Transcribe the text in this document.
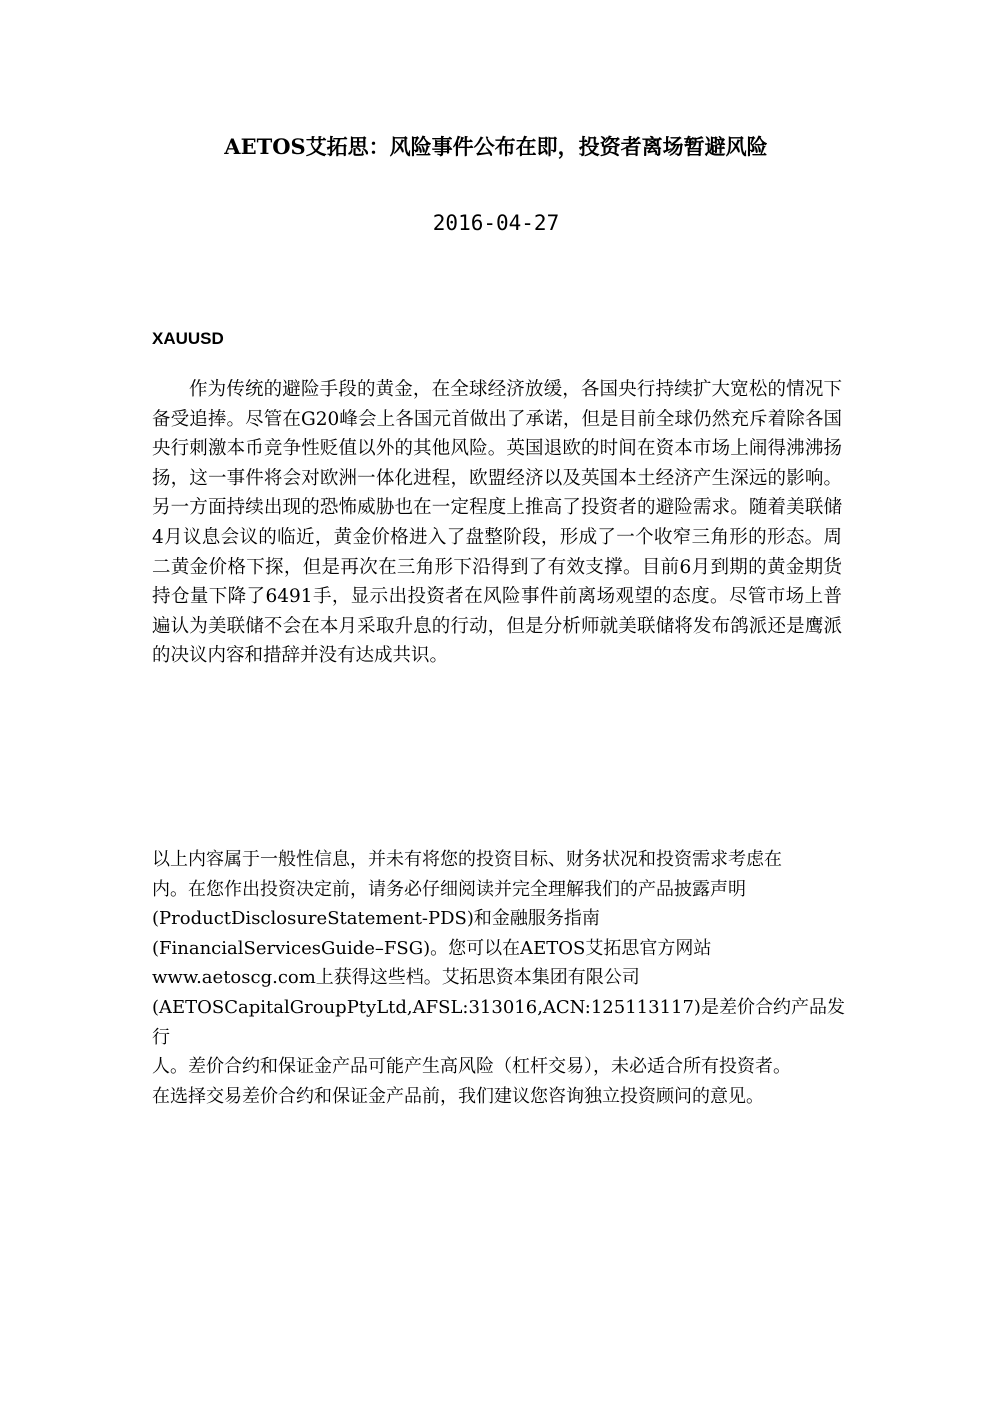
AETOS艾拓思：风险事件公布在即，投资者离场暂避风险
2016-04-27
XAUUSD

作为传统的避险手段的黄金，在全球经济放缓，各国央行持续扩大宽松的情况下备受追捧。尽管在G20峰会上各国元首做出了承诺，但是目前全球仍然充斥着除各国央行刺激本币竞争性贬值以外的其他风险。英国退欧的时间在资本市场上闹得沸沸扬扬，这一事件将会对欧洲一体化进程，欧盟经济以及英国本土经济产生深远的影响。另一方面持续出现的恐怖威胁也在一定程度上推高了投资者的避险需求。随着美联储4月议息会议的临近，黄金价格进入了盘整阶段，形成了一个收窄三角形的形态。周二黄金价格下探，但是再次在三角形下沿得到了有效支撑。目前6月到期的黄金期货持仓量下降了6491手，显示出投资者在风险事件前离场观望的态度。尽管市场上普遍认为美联储不会在本月采取升息的行动，但是分析师就美联储将发布鸽派还是鹰派的决议内容和措辞并没有达成共识。

以上内容属于一般性信息，并未有将您的投资目标、财务状况和投资需求考虑在
内。在您作出投资决定前，请务必仔细阅读并完全理解我们的产品披露声明
(ProductDisclosureStatement-PDS)和金融服务指南
(FinancialServicesGuide–FSG)。您可以在AETOS艾拓思官方网站
www.aetoscg.com上获得这些档。艾拓思资本集团有限公司
(AETOSCapitalGroupPtyLtd,AFSL:313016,ACN:125113117)是差价合约产品发行
人。差价合约和保证金产品可能产生高风险（杠杆交易），未必适合所有投资者。
在选择交易差价合约和保证金产品前，我们建议您咨询独立投资顾问的意见。
